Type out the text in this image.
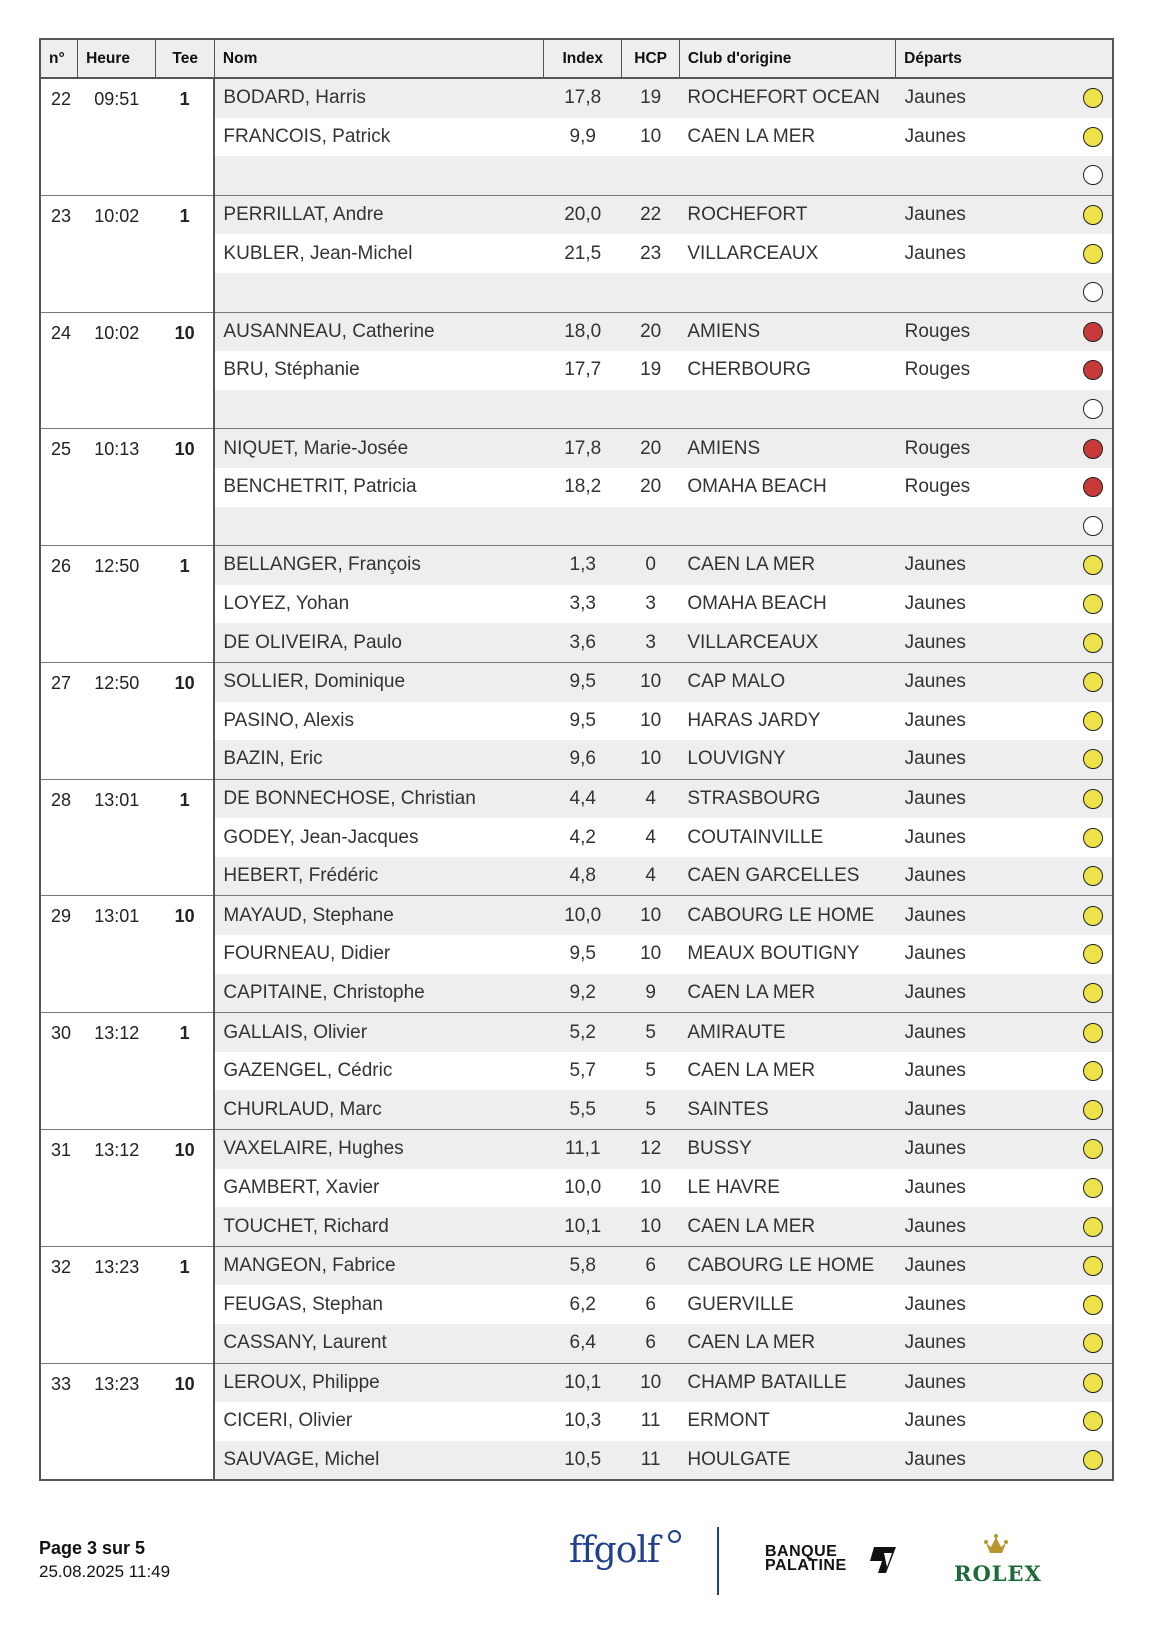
n°	Heure	Tee	Nom	Index	HCP	Club d'origine	Départs	
22	09:51	1	BODARD, Harris	17,8	19	ROCHEFORT OCEAN	Jaunes	
			FRANCOIS, Patrick	9,9	10	CAEN LA MER	Jaunes	

23	10:02	1	PERRILLAT, Andre	20,0	22	ROCHEFORT	Jaunes	
			KUBLER, Jean-Michel	21,5	23	VILLARCEAUX	Jaunes	

24	10:02	10	AUSANNEAU, Catherine	18,0	20	AMIENS	Rouges	
			BRU, Stéphanie	17,7	19	CHERBOURG	Rouges	

25	10:13	10	NIQUET, Marie-Josée	17,8	20	AMIENS	Rouges	
			BENCHETRIT, Patricia	18,2	20	OMAHA BEACH	Rouges	

26	12:50	1	BELLANGER, François	1,3	0	CAEN LA MER	Jaunes	
			LOYEZ, Yohan	3,3	3	OMAHA BEACH	Jaunes	
			DE OLIVEIRA, Paulo	3,6	3	VILLARCEAUX	Jaunes	
27	12:50	10	SOLLIER, Dominique	9,5	10	CAP MALO	Jaunes	
			PASINO, Alexis	9,5	10	HARAS JARDY	Jaunes	
			BAZIN, Eric	9,6	10	LOUVIGNY	Jaunes	
28	13:01	1	DE BONNECHOSE, Christian	4,4	4	STRASBOURG	Jaunes	
			GODEY, Jean-Jacques	4,2	4	COUTAINVILLE	Jaunes	
			HEBERT, Frédéric	4,8	4	CAEN GARCELLES	Jaunes	
29	13:01	10	MAYAUD, Stephane	10,0	10	CABOURG LE HOME	Jaunes	
			FOURNEAU, Didier	9,5	10	MEAUX BOUTIGNY	Jaunes	
			CAPITAINE, Christophe	9,2	9	CAEN LA MER	Jaunes	
30	13:12	1	GALLAIS, Olivier	5,2	5	AMIRAUTE	Jaunes	
			GAZENGEL, Cédric	5,7	5	CAEN LA MER	Jaunes	
			CHURLAUD, Marc	5,5	5	SAINTES	Jaunes	
31	13:12	10	VAXELAIRE, Hughes	11,1	12	BUSSY	Jaunes	
			GAMBERT, Xavier	10,0	10	LE HAVRE	Jaunes	
			TOUCHET, Richard	10,1	10	CAEN LA MER	Jaunes	
32	13:23	1	MANGEON, Fabrice	5,8	6	CABOURG LE HOME	Jaunes	
			FEUGAS, Stephan	6,2	6	GUERVILLE	Jaunes	
			CASSANY, Laurent	6,4	6	CAEN LA MER	Jaunes	
33	13:23	10	LEROUX, Philippe	10,1	10	CHAMP BATAILLE	Jaunes	
			CICERI, Olivier	10,3	11	ERMONT	Jaunes	
			SAUVAGE, Michel	10,5	11	HOULGATE	Jaunes	
Page 3 sur 5
25.08.2025 11:49
ffgolf	BANQUE
PALATINE	ROLEX
